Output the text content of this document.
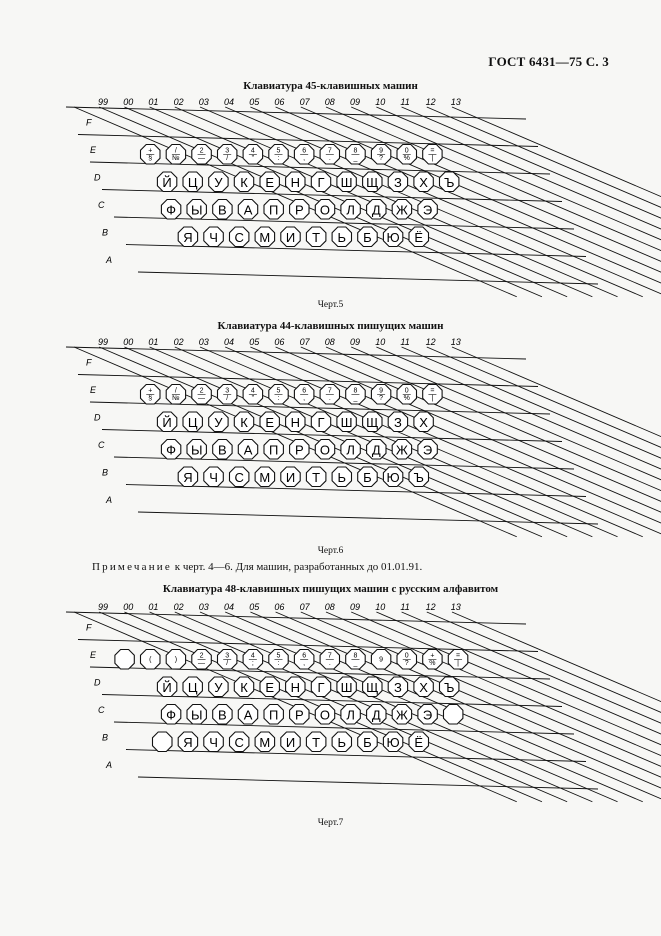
ГОСТ 6431—75 С. 3
Клавиатура 45-клавишных машин
99 00 01 02 03 04 05 06 07 08 09 10 11 12 13
F
E
D
C
B
A
+
§
/
№
2
—
3
/
4
”
5
:
6
,
7
.
8
_
9
?
0
%
=
|
Й Ц У К Е Н Г Ш Щ З Х Ъ
Ф Ы В А П Р О Л Д Ж Э
Я Ч С М И Т Ь Б Ю Ё
Черт.5
Клавиатура 44-клавишных пишущих машин
99 00 01 02 03 04 05 06 07 08 09 10 11 12 13
F
E
D
C
B
A
+
§
/
№
2
—
3
/
4
”
5
:
6
,
7
.
8
_
9
?
0
%
=
|
Й Ц У К Е Н Г Ш Щ З Х
Ф Ы В А П Р О Л Д Ж Э
Я Ч С М И Т Ь Б Ю Ъ
Черт.6
Примечание к черт. 4—6. Для машин, разработанных до 01.01.91.
Клавиатура 48-клавишных пишущих машин с русским алфавитом
99 00 01 02 03 04 05 06 07 08 09 10 11 12 13
F
E
D
C
B
A
(	)
2
—
3
/
4
;
5
:
6
,
7
.
8
_	9
0
?
+
%
=
|
Й Ц У К Е Н Г Ш Щ З Х Ъ
Ф Ы В А П Р О Л Д Ж Э
Я Ч С М И Т Ь Б Ю Ё
Черт.7
